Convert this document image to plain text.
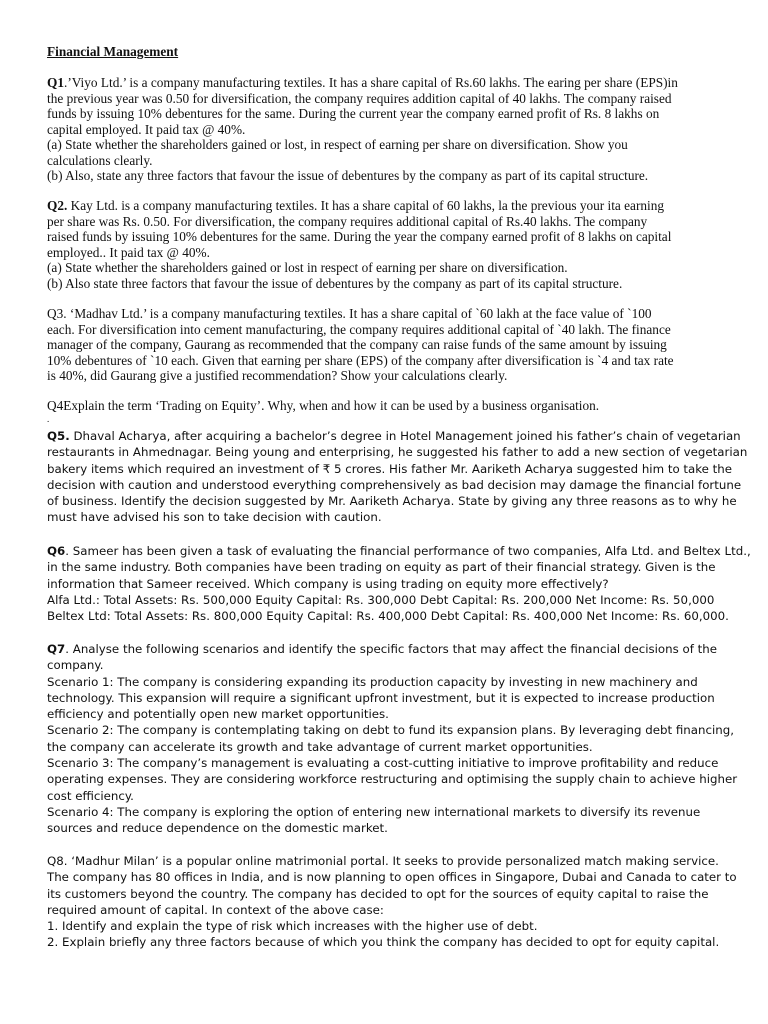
Financial Management
Q1.’Viyo Ltd.’ is a company manufacturing textiles. It has a share capital of Rs.60 lakhs. The earing per share (EPS)in
the previous year was 0.50 for diversification, the company requires addition capital of 40 lakhs. The company raised
funds by issuing 10% debentures for the same. During the current year the company earned profit of Rs. 8 lakhs on
capital employed. It paid tax @ 40%.
(a) State whether the shareholders gained or lost, in respect of earning per share on diversification. Show you
calculations clearly.
(b) Also, state any three factors that favour the issue of debentures by the company as part of its capital structure.
Q2. Kay Ltd. is a company manufacturing textiles. It has a share capital of 60 lakhs, la the previous your ita earning
per share was Rs. 0.50. For diversification, the company requires additional capital of Rs.40 lakhs. The company
raised funds by issuing 10% debentures for the same. During the year the company earned profit of 8 lakhs on capital
employed.. It paid tax @ 40%.
(a) State whether the shareholders gained or lost in respect of earning per share on diversification.
(b) Also state three factors that favour the issue of debentures by the company as part of its capital structure.
Q3. ‘Madhav Ltd.’ is a company manufacturing textiles. It has a share capital of `60 lakh at the face value of `100
each. For diversification into cement manufacturing, the company requires additional capital of `40 lakh. The finance
manager of the company, Gaurang as recommended that the company can raise funds of the same amount by issuing
10% debentures of `10 each. Given that earning per share (EPS) of the company after diversification is `4 and tax rate
is 40%, did Gaurang give a justified recommendation? Show your calculations clearly.
Q4Explain the term ‘Trading on Equity’. Why, when and how it can be used by a business organisation.
.
Q5. Dhaval Acharya, after acquiring a bachelor’s degree in Hotel Management joined his father’s chain of vegetarian
restaurants in Ahmednagar. Being young and enterprising, he suggested his father to add a new section of vegetarian
bakery items which required an investment of ₹ 5 crores. His father Mr. Aariketh Acharya suggested him to take the
decision with caution and understood everything comprehensively as bad decision may damage the financial fortune
of business. Identify the decision suggested by Mr. Aariketh Acharya. State by giving any three reasons as to why he
must have advised his son to take decision with caution.
Q6. Sameer has been given a task of evaluating the financial performance of two companies, Alfa Ltd. and Beltex Ltd.,
in the same industry. Both companies have been trading on equity as part of their financial strategy. Given is the
information that Sameer received. Which company is using trading on equity more effectively?
Alfa Ltd.: Total Assets: Rs. 500,000 Equity Capital: Rs. 300,000 Debt Capital: Rs. 200,000 Net Income: Rs. 50,000
Beltex Ltd: Total Assets: Rs. 800,000 Equity Capital: Rs. 400,000 Debt Capital: Rs. 400,000 Net Income: Rs. 60,000.
Q7. Analyse the following scenarios and identify the specific factors that may affect the financial decisions of the
company.
Scenario 1: The company is considering expanding its production capacity by investing in new machinery and
technology. This expansion will require a significant upfront investment, but it is expected to increase production
efficiency and potentially open new market opportunities.
Scenario 2: The company is contemplating taking on debt to fund its expansion plans. By leveraging debt financing,
the company can accelerate its growth and take advantage of current market opportunities.
Scenario 3: The company’s management is evaluating a cost-cutting initiative to improve profitability and reduce
operating expenses. They are considering workforce restructuring and optimising the supply chain to achieve higher
cost efficiency.
Scenario 4: The company is exploring the option of entering new international markets to diversify its revenue
sources and reduce dependence on the domestic market.
Q8. ‘Madhur Milan’ is a popular online matrimonial portal. It seeks to provide personalized match making service.
The company has 80 offices in India, and is now planning to open offices in Singapore, Dubai and Canada to cater to
its customers beyond the country. The company has decided to opt for the sources of equity capital to raise the
required amount of capital. In context of the above case:
1. Identify and explain the type of risk which increases with the higher use of debt.
2. Explain briefly any three factors because of which you think the company has decided to opt for equity capital.
